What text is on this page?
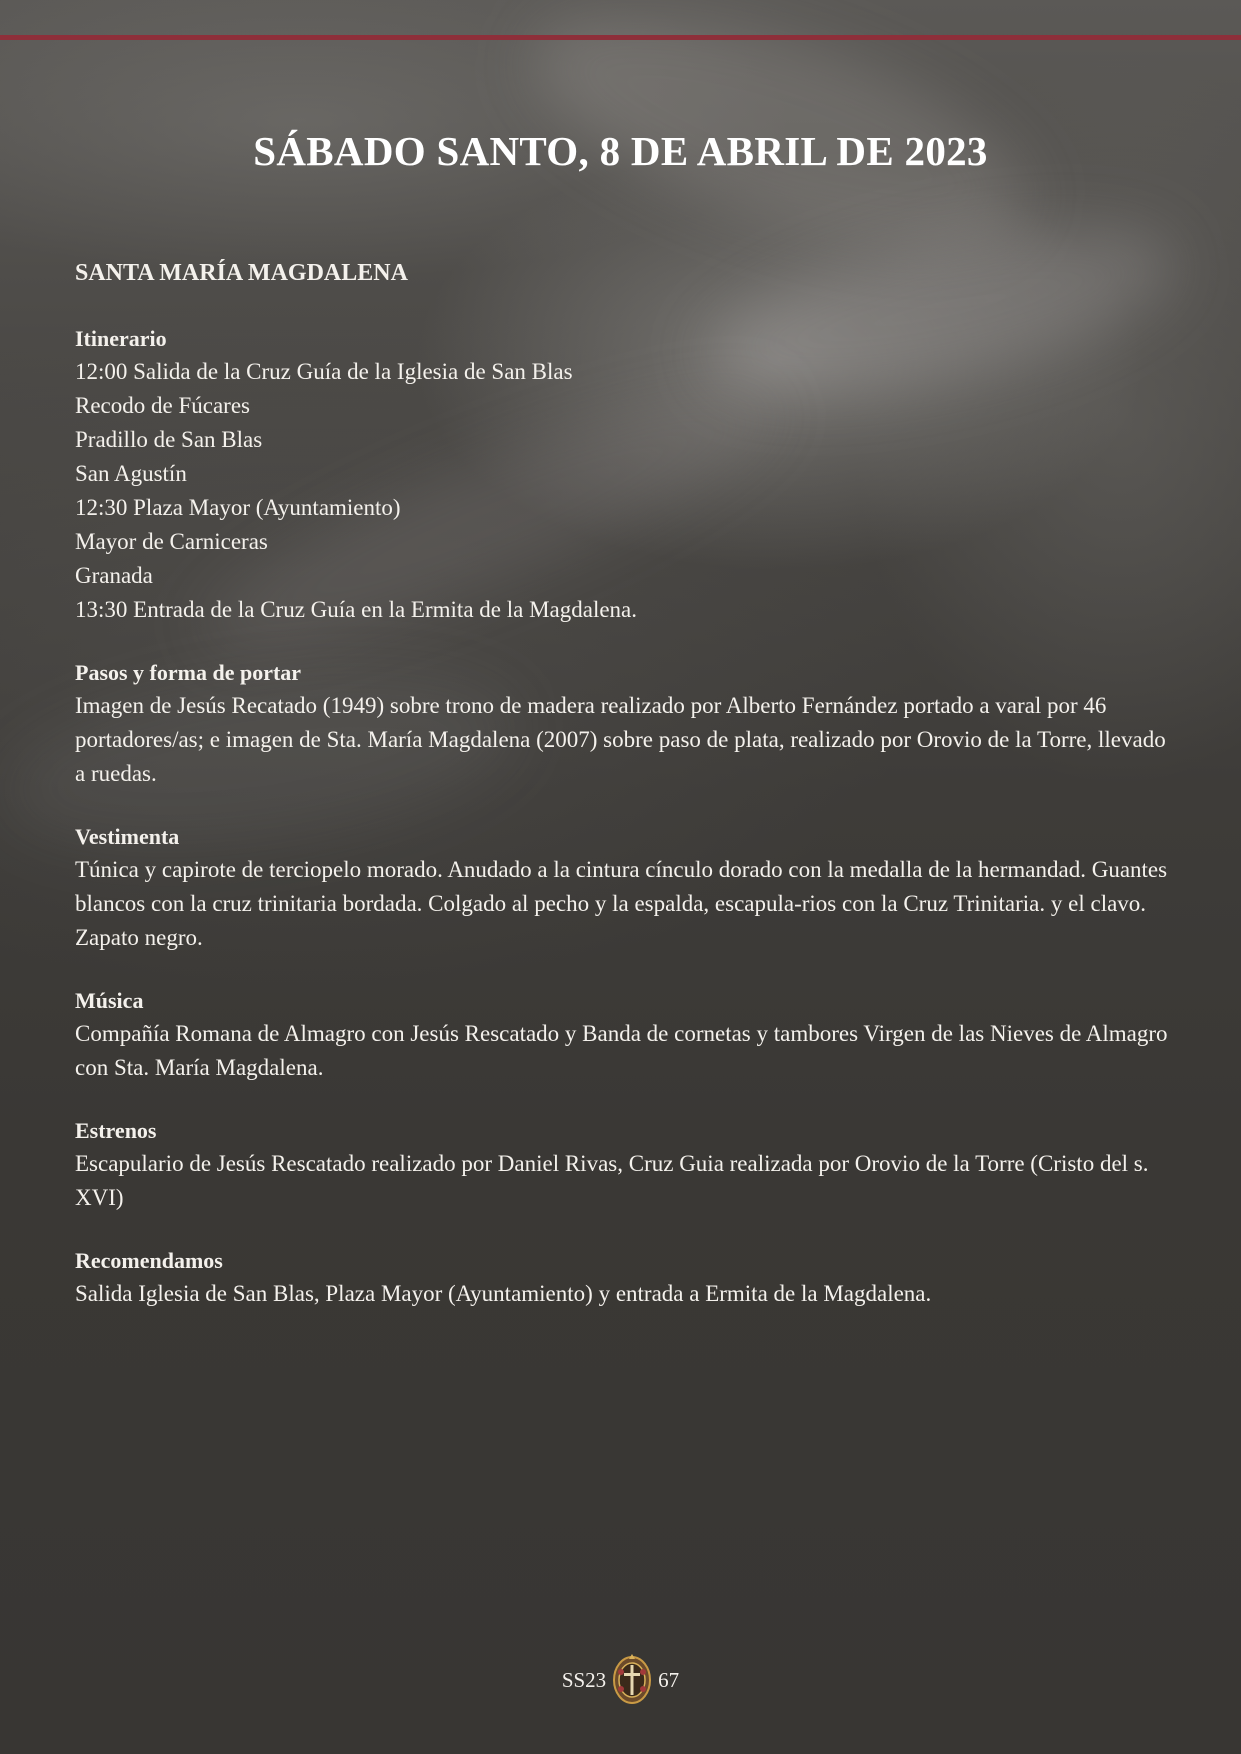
SÁBADO SANTO, 8 DE ABRIL DE 2023
SANTA MARÍA MAGDALENA

Itinerario

12:00 Salida de la Cruz Guía de la Iglesia de San Blas

Recodo de Fúcares

Pradillo de San Blas

San Agustín

12:30 Plaza Mayor (Ayuntamiento)

Mayor de Carniceras

Granada

13:30 Entrada de la Cruz Guía en la Ermita de la Magdalena.

Pasos y forma de portar

Imagen de Jesús Recatado (1949) sobre trono de madera realizado por Alberto Fernández portado a varal por 46 portadores/as; e imagen de Sta. María Magdalena (2007) sobre paso de plata, realizado por Orovio de la Torre, llevado a ruedas.

Vestimenta

Túnica y capirote de terciopelo morado. Anudado a la cintura cínculo dorado con la medalla de la hermandad. Guantes blancos con la cruz trinitaria bordada. Colgado al pecho y la espalda, escapula-rios con la Cruz Trinitaria. y el clavo. Zapato negro.

Música

Compañía Romana de Almagro con Jesús Rescatado y Banda de cornetas y tambores Virgen de las Nieves de Almagro con Sta. María Magdalena.

Estrenos

Escapulario de Jesús Rescatado realizado por Daniel Rivas, Cruz Guia realizada por Orovio de la Torre (Cristo del s. XVI)

Recomendamos

Salida Iglesia de San Blas, Plaza Mayor (Ayuntamiento) y entrada a Ermita de la Magdalena.

SS23 67
